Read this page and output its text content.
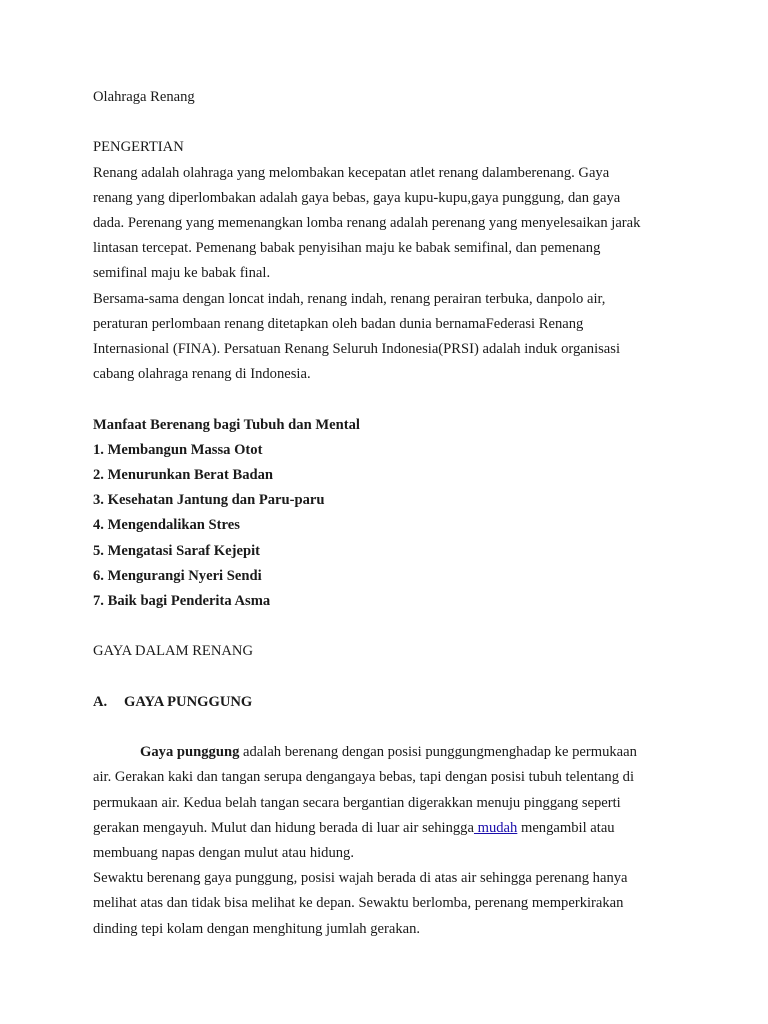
Olahraga Renang

PENGERTIAN

Renang adalah olahraga yang melombakan kecepatan atlet renang dalamberenang. Gaya

renang yang diperlombakan adalah gaya bebas, gaya kupu-kupu,gaya punggung, dan gaya

dada. Perenang yang memenangkan lomba renang adalah perenang yang menyelesaikan jarak

lintasan tercepat. Pemenang babak penyisihan maju ke babak semifinal, dan pemenang

semifinal maju ke babak final.

Bersama-sama dengan loncat indah, renang indah, renang perairan terbuka, danpolo air,

peraturan perlombaan renang ditetapkan oleh badan dunia bernamaFederasi Renang

Internasional (FINA). Persatuan Renang Seluruh Indonesia(PRSI) adalah induk organisasi

cabang olahraga renang di Indonesia.

Manfaat Berenang bagi Tubuh dan Mental

1. Membangun Massa Otot

2. Menurunkan Berat Badan

3. Kesehatan Jantung dan Paru-paru

4. Mengendalikan Stres

5. Mengatasi Saraf Kejepit

6. Mengurangi Nyeri Sendi

7. Baik bagi Penderita Asma

GAYA DALAM RENANG

A. GAYA PUNGGUNG

Gaya punggung adalah berenang dengan posisi punggungmenghadap ke permukaan

air. Gerakan kaki dan tangan serupa dengangaya bebas, tapi dengan posisi tubuh telentang di

permukaan air. Kedua belah tangan secara bergantian digerakkan menuju pinggang seperti

gerakan mengayuh. Mulut dan hidung berada di luar air sehingga mudah mengambil atau

membuang napas dengan mulut atau hidung.

Sewaktu berenang gaya punggung, posisi wajah berada di atas air sehingga perenang hanya

melihat atas dan tidak bisa melihat ke depan. Sewaktu berlomba, perenang memperkirakan

dinding tepi kolam dengan menghitung jumlah gerakan.
